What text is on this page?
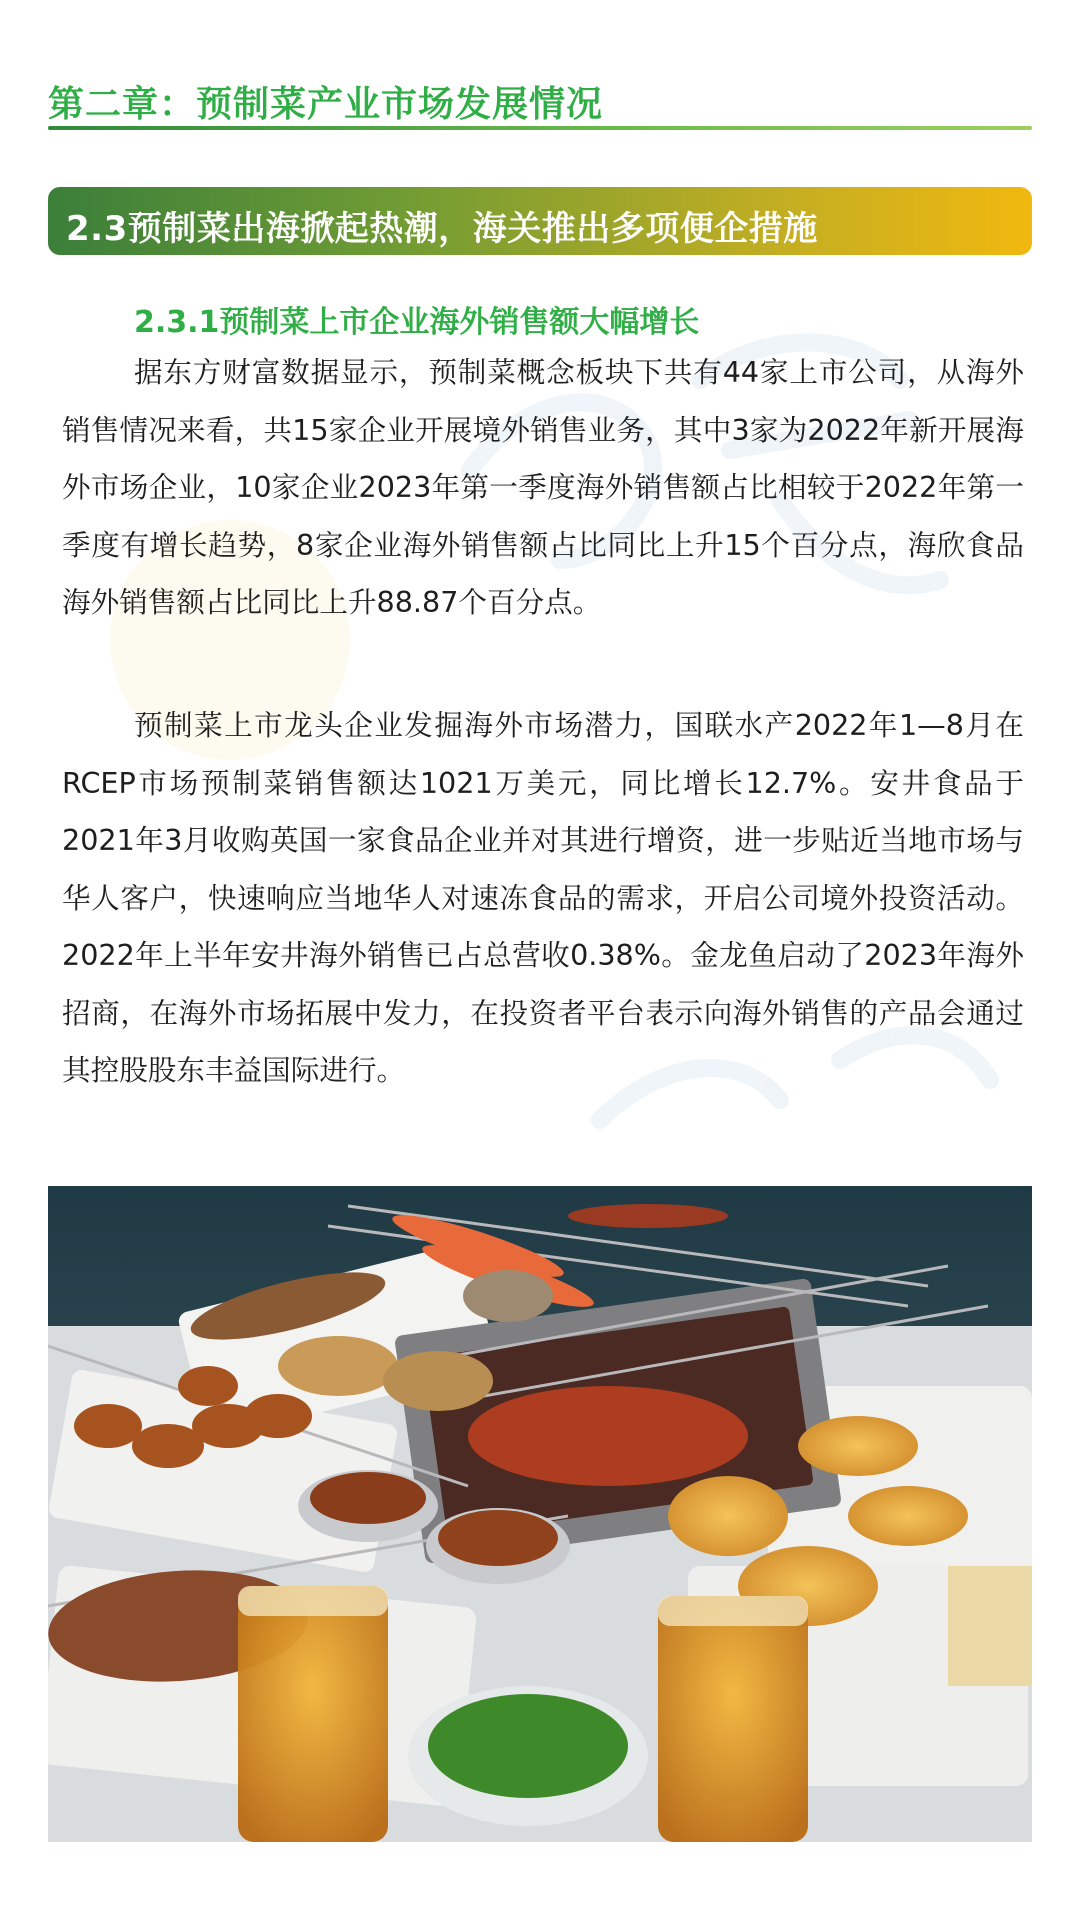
第二章：预制菜产业市场发展情况
2.3预制菜出海掀起热潮，海关推出多项便企措施
2.3.1预制菜上市企业海外销售额大幅增长

据东方财富数据显示，预制菜概念板块下共有44家上市公司，从海外销售情况来看，共15家企业开展境外销售业务，其中3家为2022年新开展海外市场企业，10家企业2023年第一季度海外销售额占比相较于2022年第一季度有增长趋势，8家企业海外销售额占比同比上升15个百分点，海欣食品海外销售额占比同比上升88.87个百分点。

预制菜上市龙头企业发掘海外市场潜力，国联水产2022年1—8月在RCEP市场预制菜销售额达1021万美元，同比增长12.7%。安井食品于2021年3月收购英国一家食品企业并对其进行增资，进一步贴近当地市场与华人客户，快速响应当地华人对速冻食品的需求，开启公司境外投资活动。2022年上半年安井海外销售已占总营收0.38%。金龙鱼启动了2023年海外招商，在海外市场拓展中发力，在投资者平台表示向海外销售的产品会通过其控股股东丰益国际进行。
